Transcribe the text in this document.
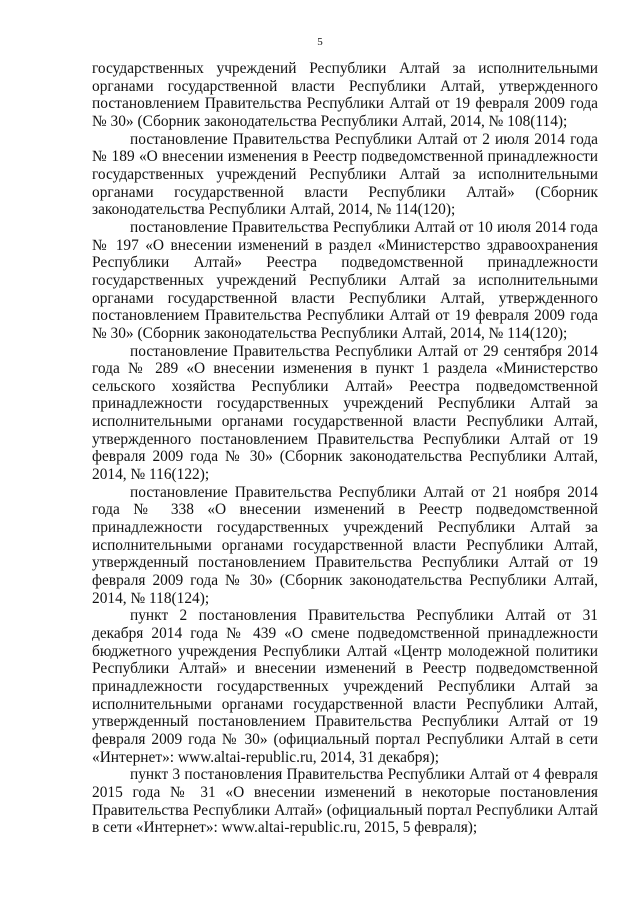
5

государственных учреждений Республики Алтай за исполнительными органами государственной власти Республики Алтай, утвержденного постановлением Правительства Республики Алтай от 19 февраля 2009 года № 30» (Сборник законодательства Республики Алтай, 2014, № 108(114);

постановление Правительства Республики Алтай от 2 июля 2014 года № 189 «О внесении изменения в Реестр подведомственной принадлежности государственных учреждений Республики Алтай за исполнительными органами государственной власти Республики Алтай» (Сборник законодательства Республики Алтай, 2014, № 114(120);

постановление Правительства Республики Алтай от 10 июля 2014 года № 197 «О внесении изменений в раздел «Министерство здравоохранения Республики Алтай» Реестра подведомственной принадлежности государственных учреждений Республики Алтай за исполнительными органами государственной власти Республики Алтай, утвержденного постановлением Правительства Республики Алтай от 19 февраля 2009 года № 30» (Сборник законодательства Республики Алтай, 2014, № 114(120);

постановление Правительства Республики Алтай от 29 сентября 2014 года № 289 «О внесении изменения в пункт 1 раздела «Министерство сельского хозяйства Республики Алтай» Реестра подведомственной принадлежности государственных учреждений Республики Алтай за исполнительными органами государственной власти Республики Алтай, утвержденного постановлением Правительства Республики Алтай от 19 февраля 2009 года № 30» (Сборник законодательства Республики Алтай, 2014, № 116(122);

постановление Правительства Республики Алтай от 21 ноября 2014 года № 338 «О внесении изменений в Реестр подведомственной принадлежности государственных учреждений Республики Алтай за исполнительными органами государственной власти Республики Алтай, утвержденный постановлением Правительства Республики Алтай от 19 февраля 2009 года № 30» (Сборник законодательства Республики Алтай, 2014, № 118(124);

пункт 2 постановления Правительства Республики Алтай от 31 декабря 2014 года № 439 «О смене подведомственной принадлежности бюджетного учреждения Республики Алтай «Центр молодежной политики Республики Алтай» и внесении изменений в Реестр подведомственной принадлежности государственных учреждений Республики Алтай за исполнительными органами государственной власти Республики Алтай, утвержденный постановлением Правительства Республики Алтай от 19 февраля 2009 года № 30» (официальный портал Республики Алтай в сети «Интернет»: www.altai-republic.ru, 2014, 31 декабря);

пункт 3 постановления Правительства Республики Алтай от 4 февраля 2015 года № 31 «О внесении изменений в некоторые постановления Правительства Республики Алтай» (официальный портал Республики Алтай в сети «Интернет»: www.altai-republic.ru, 2015, 5 февраля);
